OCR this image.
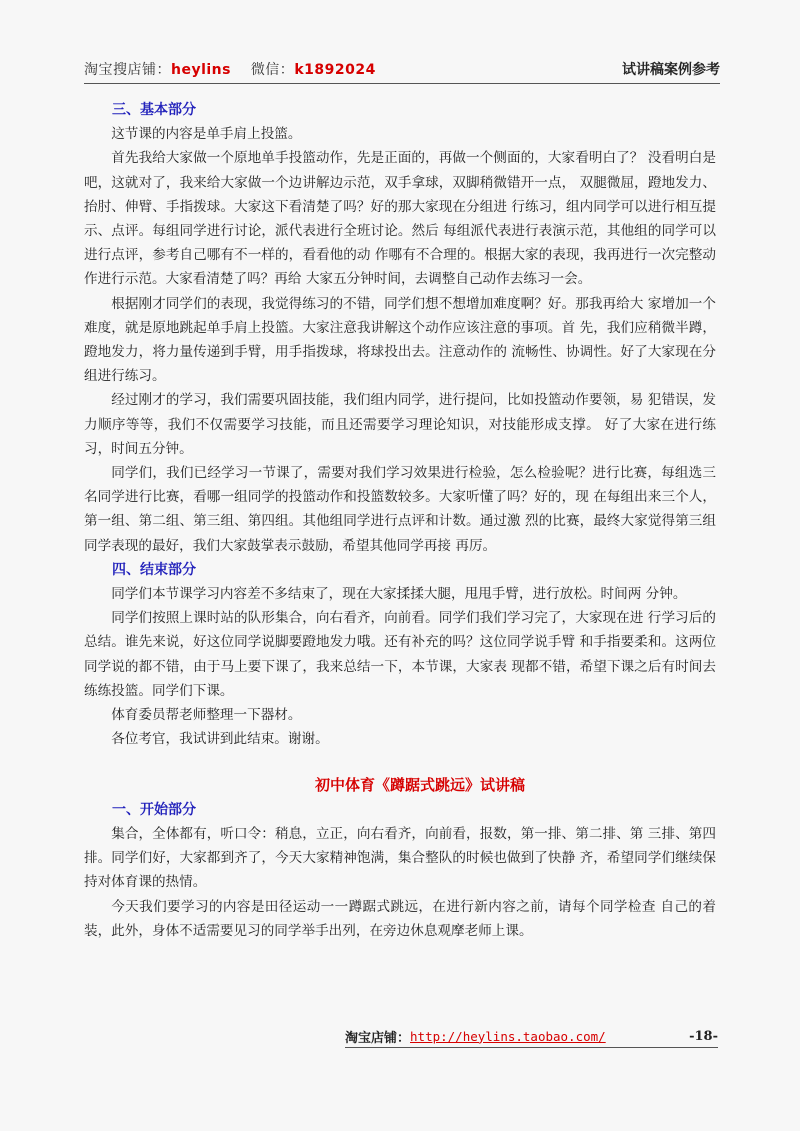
淘宝搜店铺：heylins 微信：k1892024	试讲稿案例参考
三、基本部分

这节课的内容是单手肩上投篮。

首先我给大家做一个原地单手投篮动作，先是正面的，再做一个侧面的，大家看明白了？ 没看明白是吧，这就对了，我来给大家做一个边讲解边示范，双手拿球，双脚稍微错开一点， 双腿微屈，蹬地发力、抬肘、伸臂、手指拨球。大家这下看清楚了吗？好的那大家现在分组进 行练习，组内同学可以进行相互提示、点评。每组同学进行讨论，派代表进行全班讨论。然后 每组派代表进行表演示范，其他组的同学可以进行点评，参考自己哪有不一样的，看看他的动 作哪有不合理的。根据大家的表现，我再进行一次完整动作进行示范。大家看清楚了吗？再给 大家五分钟时间，去调整自己动作去练习一会。

根据刚才同学们的表现，我觉得练习的不错，同学们想不想增加难度啊？好。那我再给大 家增加一个难度，就是原地跳起单手肩上投篮。大家注意我讲解这个动作应该注意的事项。首 先，我们应稍微半蹲，蹬地发力，将力量传递到手臂，用手指拨球，将球投出去。注意动作的 流畅性、协调性。好了大家现在分组进行练习。

经过刚才的学习，我们需要巩固技能，我们组内同学，进行提问，比如投篮动作要领，易 犯错误，发力顺序等等，我们不仅需要学习技能，而且还需要学习理论知识，对技能形成支撑。 好了大家在进行练习，时间五分钟。

同学们，我们已经学习一节课了，需要对我们学习效果进行检验，怎么检验呢？进行比赛，每组选三名同学进行比赛，看哪一组同学的投篮动作和投篮数较多。大家听懂了吗？好的，现 在每组出来三个人，第一组、第二组、第三组、第四组。其他组同学进行点评和计数。通过激 烈的比赛，最终大家觉得第三组同学表现的最好，我们大家鼓掌表示鼓励，希望其他同学再接 再厉。

四、结束部分

同学们本节课学习内容差不多结束了，现在大家揉揉大腿，甩甩手臂，进行放松。时间两 分钟。

同学们按照上课时站的队形集合，向右看齐，向前看。同学们我们学习完了，大家现在进 行学习后的总结。谁先来说，好这位同学说脚要蹬地发力哦。还有补充的吗？这位同学说手臂 和手指要柔和。这两位同学说的都不错，由于马上要下课了，我来总结一下，本节课，大家表 现都不错，希望下课之后有时间去练练投篮。同学们下课。

体育委员帮老师整理一下器材。

各位考官，我试讲到此结束。谢谢。

初中体育《蹲踞式跳远》试讲稿
一、开始部分

集合，全体都有，听口令：稍息，立正，向右看齐，向前看，报数，第一排、第二排、第 三排、第四排。同学们好，大家都到齐了，今天大家精神饱满，集合整队的时候也做到了快静 齐，希望同学们继续保持对体育课的热情。

今天我们要学习的内容是田径运动一一蹲踞式跳远，在进行新内容之前，请每个同学检查 自己的着装，此外，身体不适需要见习的同学举手出列，在旁边休息观摩老师上课。

淘宝店铺： http://heylins.taobao.com/	-18-
